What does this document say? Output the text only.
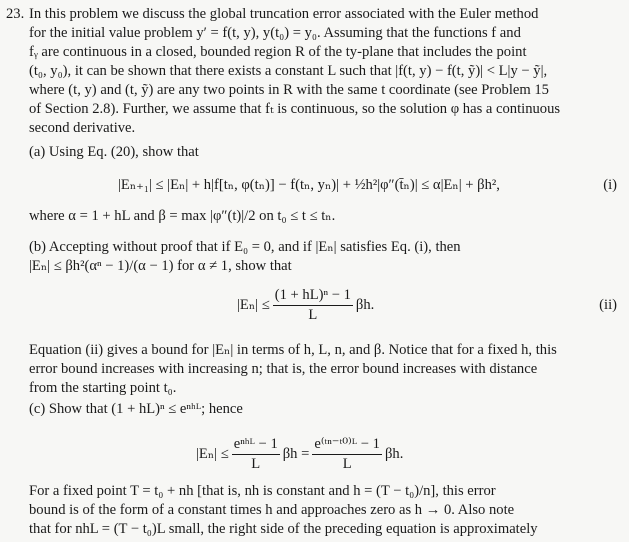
23. In this problem we discuss the global truncation error associated with the Euler method
for the initial value problem y′ = f(t, y), y(t₀) = y₀. Assuming that the functions f and
fᵧ are continuous in a closed, bounded region R of the ty-plane that includes the point
(t₀, y₀), it can be shown that there exists a constant L such that |f(t, y) − f(t, ỹ)| < L|y − ỹ|,
where (t, y) and (t, ỹ) are any two points in R with the same t coordinate (see Problem 15
of Section 2.8). Further, we assume that fₜ is continuous, so the solution φ has a continuous
second derivative.
(a) Using Eq. (20), show that
|Eₙ₊₁| ≤ |Eₙ| + h|f[tₙ, φ(tₙ)] − f(tₙ, yₙ)| + ½h²|φ″(t̄ₙ)| ≤ α|Eₙ| + βh²,	(i)
where α = 1 + hL and β = max |φ″(t)|/2 on t₀ ≤ t ≤ tₙ.
(b) Accepting without proof that if E₀ = 0, and if |Eₙ| satisfies Eq. (i), then
|Eₙ| ≤ βh²(αⁿ − 1)/(α − 1) for α ≠ 1, show that
$|E_n| \le \frac{\text{(1 + hL)ⁿ − 1}}{L} \beta h$.	(ii)
Equation (ii) gives a bound for |Eₙ| in terms of h, L, n, and β. Notice that for a fixed h, this
error bound increases with increasing n; that is, the error bound increases with distance
from the starting point t₀.
(c) Show that (1 + hL)ⁿ ≤ eⁿʰᴸ; hence
$|E_n| \le \frac{\text{eⁿʰᴸ − 1}}{L}$ $\beta h = \frac{\text{e⁽ᵗⁿ⁻ᵗ⁰⁾ᴸ − 1}}{L} \beta h$.
For a fixed point T = t₀ + nh [that is, nh is constant and h = (T − t₀)/n], this error
bound is of the form of a constant times h and approaches zero as h → 0. Also note
that for nhL = (T − t₀)L small, the right side of the preceding equation is approximately
